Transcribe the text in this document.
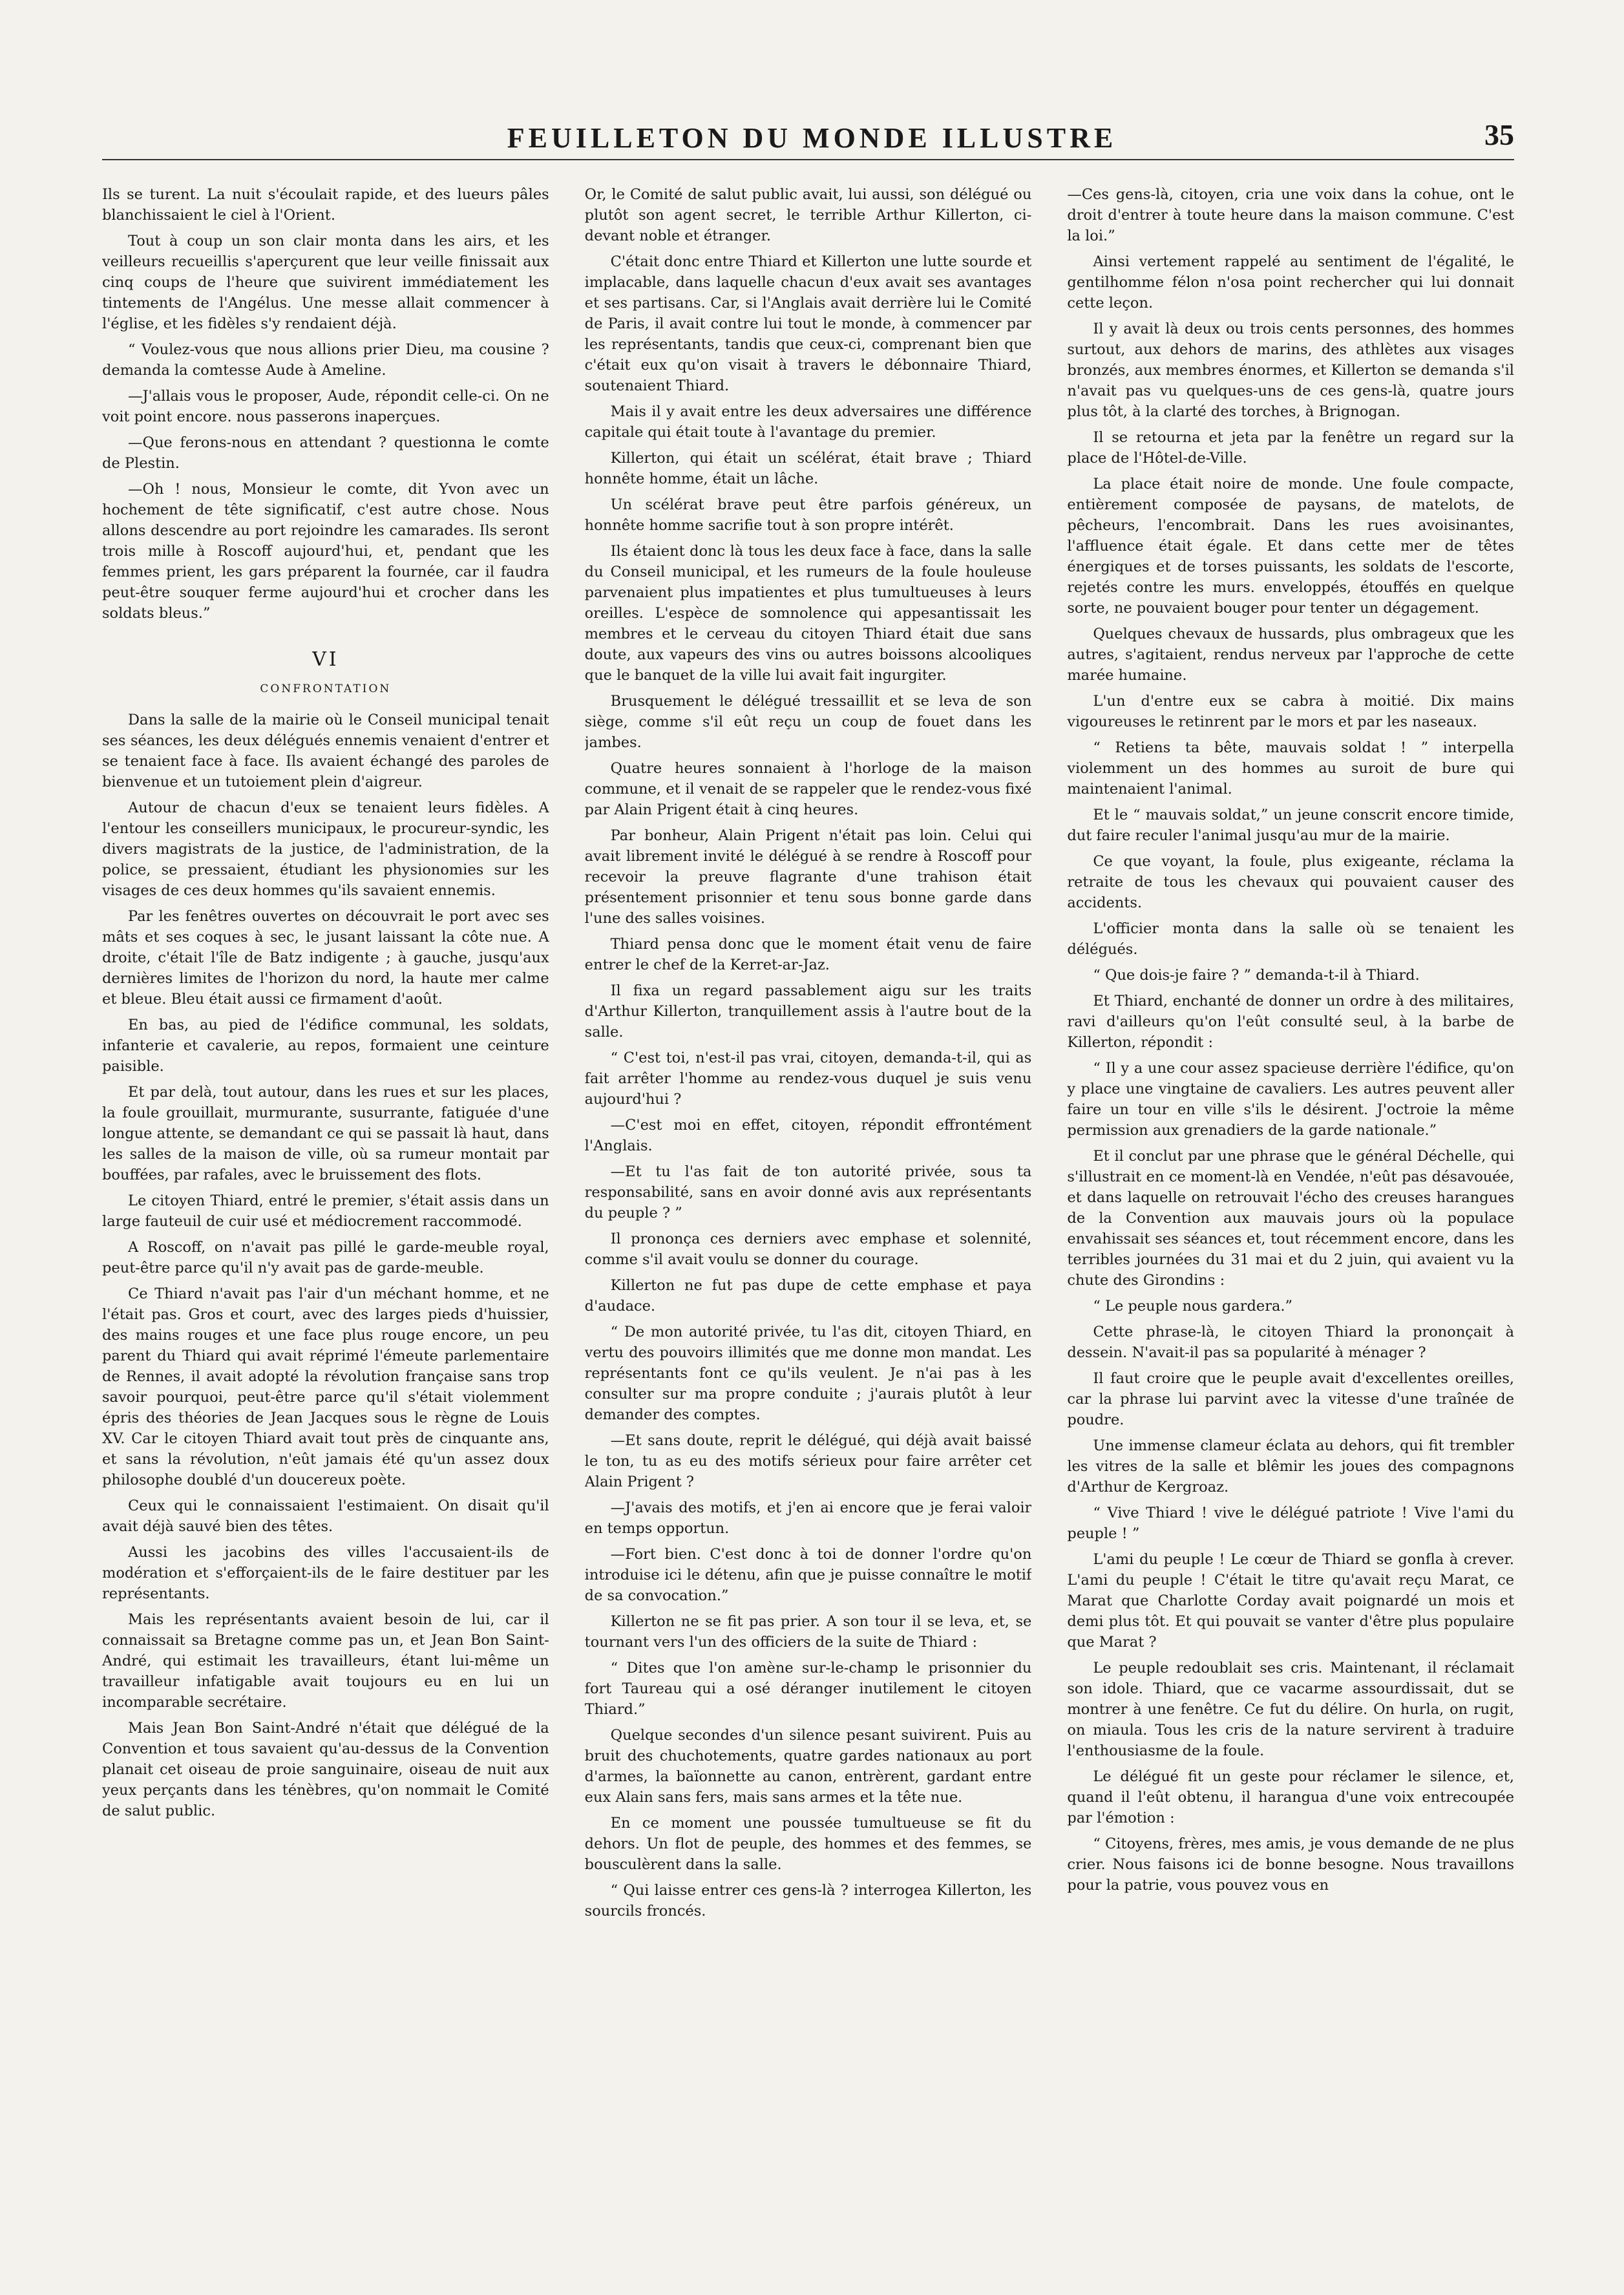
FEUILLETON DU MONDE ILLUSTRE	35

Ils se turent. La nuit s'écoulait rapide, et des lueurs pâles blanchissaient le ciel à l'Orient.

Tout à coup un son clair monta dans les airs, et les veilleurs recueillis s'aperçurent que leur veille finissait aux cinq coups de l'heure que suivirent immédiatement les tintements de l'Angélus. Une messe allait commencer à l'église, et les fidèles s'y rendaient déjà.

“ Voulez-vous que nous allions prier Dieu, ma cousine ? demanda la comtesse Aude à Ameline.

—J'allais vous le proposer, Aude, répondit celle-ci. On ne voit point encore. nous passerons inaperçues.

—Que ferons-nous en attendant ? questionna le comte de Plestin.

—Oh ! nous, Monsieur le comte, dit Yvon avec un hochement de tête significatif, c'est autre chose. Nous allons descendre au port rejoindre les camarades. Ils seront trois mille à Roscoff aujourd'hui, et, pendant que les femmes prient, les gars préparent la fournée, car il faudra peut-être souquer ferme aujourd'hui et crocher dans les soldats bleus.”

VI
CONFRONTATION

Dans la salle de la mairie où le Conseil municipal tenait ses séances, les deux délégués ennemis venaient d'entrer et se tenaient face à face. Ils avaient échangé des paroles de bienvenue et un tutoiement plein d'aigreur.

Autour de chacun d'eux se tenaient leurs fidèles. A l'entour les conseillers municipaux, le procureur-syndic, les divers magistrats de la justice, de l'administration, de la police, se pressaient, étudiant les physionomies sur les visages de ces deux hommes qu'ils savaient ennemis.

Par les fenêtres ouvertes on découvrait le port avec ses mâts et ses coques à sec, le jusant laissant la côte nue. A droite, c'était l'île de Batz indigente ; à gauche, jusqu'aux dernières limites de l'horizon du nord, la haute mer calme et bleue. Bleu était aussi ce firmament d'août.

En bas, au pied de l'édifice communal, les soldats, infanterie et cavalerie, au repos, formaient une ceinture paisible.

Et par delà, tout autour, dans les rues et sur les places, la foule grouillait, murmurante, susurrante, fatiguée d'une longue attente, se demandant ce qui se passait là haut, dans les salles de la maison de ville, où sa rumeur montait par bouffées, par rafales, avec le bruissement des flots.

Le citoyen Thiard, entré le premier, s'était assis dans un large fauteuil de cuir usé et médiocrement raccommodé.

A Roscoff, on n'avait pas pillé le garde-meuble royal, peut-être parce qu'il n'y avait pas de garde-meuble.

Ce Thiard n'avait pas l'air d'un méchant homme, et ne l'était pas. Gros et court, avec des larges pieds d'huissier, des mains rouges et une face plus rouge encore, un peu parent du Thiard qui avait réprimé l'émeute parlementaire de Rennes, il avait adopté la révolution française sans trop savoir pourquoi, peut-être parce qu'il s'était violemment épris des théories de Jean Jacques sous le règne de Louis XV. Car le citoyen Thiard avait tout près de cinquante ans, et sans la révolution, n'eût jamais été qu'un assez doux philosophe doublé d'un doucereux poète.

Ceux qui le connaissaient l'estimaient. On disait qu'il avait déjà sauvé bien des têtes.

Aussi les jacobins des villes l'accusaient-ils de modération et s'efforçaient-ils de le faire destituer par les représentants.

Mais les représentants avaient besoin de lui, car il connaissait sa Bretagne comme pas un, et Jean Bon Saint-André, qui estimait les travailleurs, étant lui-même un travailleur infatigable avait toujours eu en lui un incomparable secrétaire.

Mais Jean Bon Saint-André n'était que délégué de la Convention et tous savaient qu'au-dessus de la Convention planait cet oiseau de proie sanguinaire, oiseau de nuit aux yeux perçants dans les ténèbres, qu'on nommait le Comité de salut public.

Or, le Comité de salut public avait, lui aussi, son délégué ou plutôt son agent secret, le terrible Arthur Killerton, ci-devant noble et étranger.

C'était donc entre Thiard et Killerton une lutte sourde et implacable, dans laquelle chacun d'eux avait ses avantages et ses partisans. Car, si l'Anglais avait derrière lui le Comité de Paris, il avait contre lui tout le monde, à commencer par les représentants, tandis que ceux-ci, comprenant bien que c'était eux qu'on visait à travers le débonnaire Thiard, soutenaient Thiard.

Mais il y avait entre les deux adversaires une différence capitale qui était toute à l'avantage du premier.

Killerton, qui était un scélérat, était brave ; Thiard honnête homme, était un lâche.

Un scélérat brave peut être parfois généreux, un honnête homme sacrifie tout à son propre intérêt.

Ils étaient donc là tous les deux face à face, dans la salle du Conseil municipal, et les rumeurs de la foule houleuse parvenaient plus impatientes et plus tumultueuses à leurs oreilles. L'espèce de somnolence qui appesantissait les membres et le cerveau du citoyen Thiard était due sans doute, aux vapeurs des vins ou autres boissons alcooliques que le banquet de la ville lui avait fait ingurgiter.

Brusquement le délégué tressaillit et se leva de son siège, comme s'il eût reçu un coup de fouet dans les jambes.

Quatre heures sonnaient à l'horloge de la maison commune, et il venait de se rappeler que le rendez-vous fixé par Alain Prigent était à cinq heures.

Par bonheur, Alain Prigent n'était pas loin. Celui qui avait librement invité le délégué à se rendre à Roscoff pour recevoir la preuve flagrante d'une trahison était présentement prisonnier et tenu sous bonne garde dans l'une des salles voisines.

Thiard pensa donc que le moment était venu de faire entrer le chef de la Kerret-ar-Jaz.

Il fixa un regard passablement aigu sur les traits d'Arthur Killerton, tranquillement assis à l'autre bout de la salle.

“ C'est toi, n'est-il pas vrai, citoyen, demanda-t-il, qui as fait arrêter l'homme au rendez-vous duquel je suis venu aujourd'hui ?

—C'est moi en effet, citoyen, répondit effrontément l'Anglais.

—Et tu l'as fait de ton autorité privée, sous ta responsabilité, sans en avoir donné avis aux représentants du peuple ? ”

Il prononça ces derniers avec emphase et solennité, comme s'il avait voulu se donner du courage.

Killerton ne fut pas dupe de cette emphase et paya d'audace.

“ De mon autorité privée, tu l'as dit, citoyen Thiard, en vertu des pouvoirs illimités que me donne mon mandat. Les représentants font ce qu'ils veulent. Je n'ai pas à les consulter sur ma propre conduite ; j'aurais plutôt à leur demander des comptes.

—Et sans doute, reprit le délégué, qui déjà avait baissé le ton, tu as eu des motifs sérieux pour faire arrêter cet Alain Prigent ?

—J'avais des motifs, et j'en ai encore que je ferai valoir en temps opportun.

—Fort bien. C'est donc à toi de donner l'ordre qu'on introduise ici le détenu, afin que je puisse connaître le motif de sa convocation.”

Killerton ne se fit pas prier. A son tour il se leva, et, se tournant vers l'un des officiers de la suite de Thiard :

“ Dites que l'on amène sur-le-champ le prisonnier du fort Taureau qui a osé déranger inutilement le citoyen Thiard.”

Quelque secondes d'un silence pesant suivirent. Puis au bruit des chuchotements, quatre gardes nationaux au port d'armes, la baïonnette au canon, entrèrent, gardant entre eux Alain sans fers, mais sans armes et la tête nue.

En ce moment une poussée tumultueuse se fit du dehors. Un flot de peuple, des hommes et des femmes, se bousculèrent dans la salle.

“ Qui laisse entrer ces gens-là ? interrogea Killerton, les sourcils froncés.

—Ces gens-là, citoyen, cria une voix dans la cohue, ont le droit d'entrer à toute heure dans la maison commune. C'est la loi.”

Ainsi vertement rappelé au sentiment de l'égalité, le gentilhomme félon n'osa point rechercher qui lui donnait cette leçon.

Il y avait là deux ou trois cents personnes, des hommes surtout, aux dehors de marins, des athlètes aux visages bronzés, aux membres énormes, et Killerton se demanda s'il n'avait pas vu quelques-uns de ces gens-là, quatre jours plus tôt, à la clarté des torches, à Brignogan.

Il se retourna et jeta par la fenêtre un regard sur la place de l'Hôtel-de-Ville.

La place était noire de monde. Une foule compacte, entièrement composée de paysans, de matelots, de pêcheurs, l'encombrait. Dans les rues avoisinantes, l'affluence était égale. Et dans cette mer de têtes énergiques et de torses puissants, les soldats de l'escorte, rejetés contre les murs. enveloppés, étouffés en quelque sorte, ne pouvaient bouger pour tenter un dégagement.

Quelques chevaux de hussards, plus ombrageux que les autres, s'agitaient, rendus nerveux par l'approche de cette marée humaine.

L'un d'entre eux se cabra à moitié. Dix mains vigoureuses le retinrent par le mors et par les naseaux.

“ Retiens ta bête, mauvais soldat ! ” interpella violemment un des hommes au suroit de bure qui maintenaient l'animal.

Et le “ mauvais soldat,” un jeune conscrit encore timide, dut faire reculer l'animal jusqu'au mur de la mairie.

Ce que voyant, la foule, plus exigeante, réclama la retraite de tous les chevaux qui pouvaient causer des accidents.

L'officier monta dans la salle où se tenaient les délégués.

“ Que dois-je faire ? ” demanda-t-il à Thiard.

Et Thiard, enchanté de donner un ordre à des militaires, ravi d'ailleurs qu'on l'eût consulté seul, à la barbe de Killerton, répondit :

“ Il y a une cour assez spacieuse derrière l'édifice, qu'on y place une vingtaine de cavaliers. Les autres peuvent aller faire un tour en ville s'ils le désirent. J'octroie la même permission aux grenadiers de la garde nationale.”

Et il conclut par une phrase que le général Déchelle, qui s'illustrait en ce moment-là en Vendée, n'eût pas désavouée, et dans laquelle on retrouvait l'écho des creuses harangues de la Convention aux mauvais jours où la populace envahissait ses séances et, tout récemment encore, dans les terribles journées du 31 mai et du 2 juin, qui avaient vu la chute des Girondins :

“ Le peuple nous gardera.”

Cette phrase-là, le citoyen Thiard la prononçait à dessein. N'avait-il pas sa popularité à ménager ?

Il faut croire que le peuple avait d'excellentes oreilles, car la phrase lui parvint avec la vitesse d'une traînée de poudre.

Une immense clameur éclata au dehors, qui fit trembler les vitres de la salle et blêmir les joues des compagnons d'Arthur de Kergroaz.

“ Vive Thiard ! vive le délégué patriote ! Vive l'ami du peuple ! ”

L'ami du peuple ! Le cœur de Thiard se gonfla à crever. L'ami du peuple ! C'était le titre qu'avait reçu Marat, ce Marat que Charlotte Corday avait poignardé un mois et demi plus tôt. Et qui pouvait se vanter d'être plus populaire que Marat ?

Le peuple redoublait ses cris. Maintenant, il réclamait son idole. Thiard, que ce vacarme assourdissait, dut se montrer à une fenêtre. Ce fut du délire. On hurla, on rugit, on miaula. Tous les cris de la nature servirent à traduire l'enthousiasme de la foule.

Le délégué fit un geste pour réclamer le silence, et, quand il l'eût obtenu, il harangua d'une voix entrecoupée par l'émotion :

“ Citoyens, frères, mes amis, je vous demande de ne plus crier. Nous faisons ici de bonne besogne. Nous travaillons pour la patrie, vous pouvez vous en
